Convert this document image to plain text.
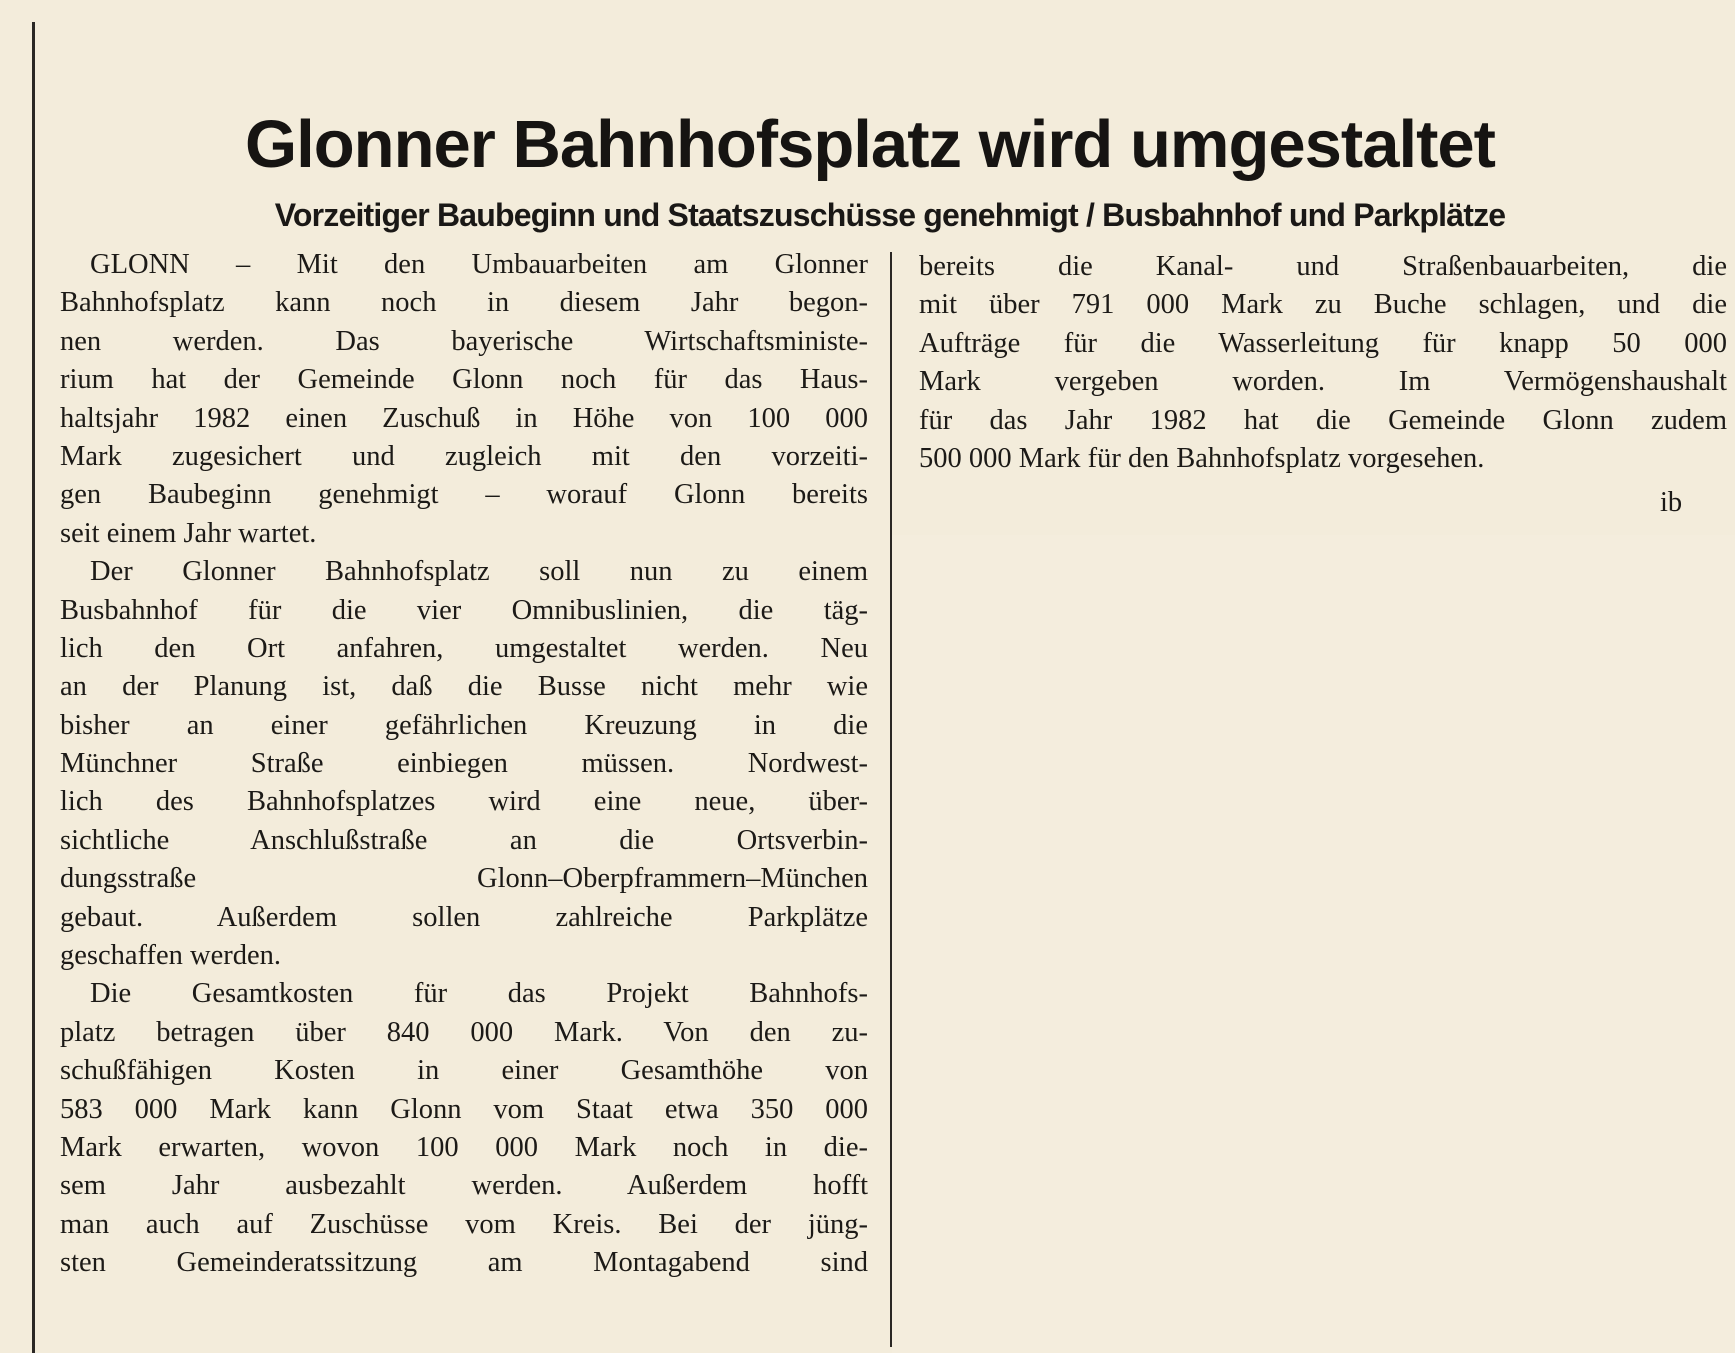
Glonner Bahnhofsplatz wird umgestaltet
Vorzeitiger Baubeginn und Staatszuschüsse genehmigt / Busbahnhof und Parkplätze
GLONN – Mit den Umbauarbeiten am Glonner
Bahnhofsplatz kann noch in diesem Jahr begon-
nen werden. Das bayerische Wirtschaftsministe-
rium hat der Gemeinde Glonn noch für das Haus-
haltsjahr 1982 einen Zuschuß in Höhe von 100 000
Mark zugesichert und zugleich mit den vorzeiti-
gen Baubeginn genehmigt – worauf Glonn bereits
seit einem Jahr wartet.
Der Glonner Bahnhofsplatz soll nun zu einem
Busbahnhof für die vier Omnibuslinien, die täg-
lich den Ort anfahren, umgestaltet werden. Neu
an der Planung ist, daß die Busse nicht mehr wie
bisher an einer gefährlichen Kreuzung in die
Münchner Straße einbiegen müssen. Nordwest-
lich des Bahnhofsplatzes wird eine neue, über-
sichtliche Anschlußstraße an die Ortsverbin-
dungsstraße Glonn–Oberpframmern–München
gebaut. Außerdem sollen zahlreiche Parkplätze
geschaffen werden.
Die Gesamtkosten für das Projekt Bahnhofs-
platz betragen über 840 000 Mark. Von den zu-
schußfähigen Kosten in einer Gesamthöhe von
583 000 Mark kann Glonn vom Staat etwa 350 000
Mark erwarten, wovon 100 000 Mark noch in die-
sem Jahr ausbezahlt werden. Außerdem hofft
man auch auf Zuschüsse vom Kreis. Bei der jüng-
sten Gemeinderatssitzung am Montagabend sind
bereits die Kanal- und Straßenbauarbeiten, die
mit über 791 000 Mark zu Buche schlagen, und die
Aufträge für die Wasserleitung für knapp 50 000
Mark vergeben worden. Im Vermögenshaushalt
für das Jahr 1982 hat die Gemeinde Glonn zudem
500 000 Mark für den Bahnhofsplatz vorgesehen.
ib
